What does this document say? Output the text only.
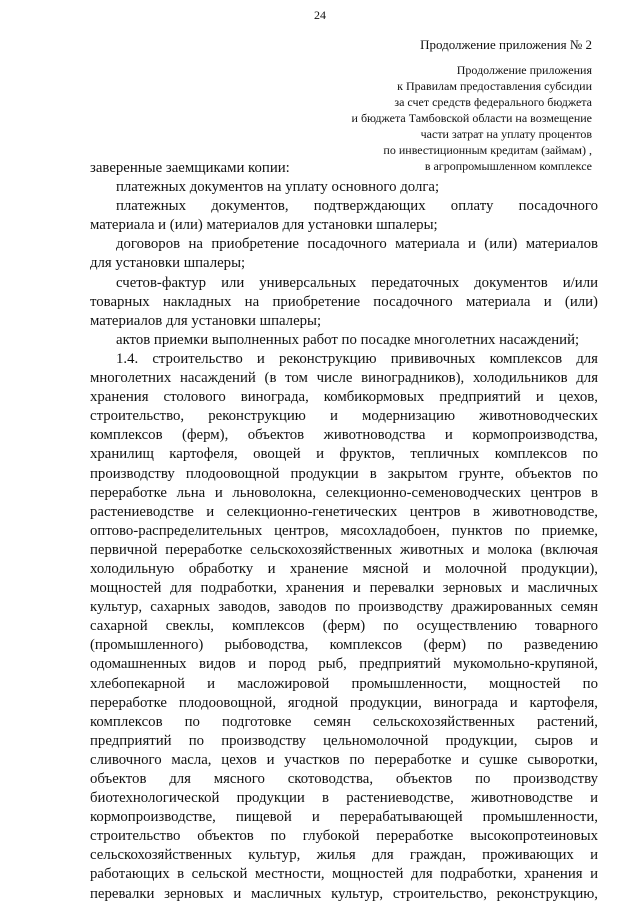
24
Продолжение приложения № 2
Продолжение приложения
к Правилам предоставления субсидии
за счет средств федерального бюджета
и бюджета Тамбовской области на возмещение
части затрат на уплату процентов
по инвестиционным кредитам (займам) ,
в агропромышленном комплексе
заверенные заемщиками копии:
платежных документов на уплату основного долга;
платежных документов, подтверждающих оплату посадочного
материала и (или) материалов для установки шпалеры;
договоров на приобретение посадочного материала и (или) материалов
для установки шпалеры;
счетов-фактур или универсальных передаточных документов и/или
товарных накладных на приобретение посадочного материала и (или)
материалов для установки шпалеры;
актов приемки выполненных работ по посадке многолетних насаждений;
1.4. строительство и реконструкцию прививочных комплексов для
многолетних насаждений (в том числе виноградников), холодильников для
хранения столового винограда, комбикормовых предприятий и цехов,
строительство, реконструкцию и модернизацию животноводческих
комплексов (ферм), объектов животноводства и кормопроизводства,
хранилищ картофеля, овощей и фруктов, тепличных комплексов по
производству плодоовощной продукции в закрытом грунте, объектов по
переработке льна и льноволокна, селекционно-семеноводческих центров в
растениеводстве и селекционно-генетических центров в животноводстве,
оптово-распределительных центров, мясохладобоен, пунктов по приемке,
первичной переработке сельскохозяйственных животных и молока (включая
холодильную обработку и хранение мясной и молочной продукции),
мощностей для подработки, хранения и перевалки зерновых и масличных
культур, сахарных заводов, заводов по производству дражированных семян
сахарной свеклы, комплексов (ферм) по осуществлению товарного
(промышленного) рыбоводства, комплексов (ферм) по разведению
одомашненных видов и пород рыб, предприятий мукомольно-крупяной,
хлебопекарной и масложировой промышленности, мощностей по
переработке плодоовощной, ягодной продукции, винограда и картофеля,
комплексов по подготовке семян сельскохозяйственных растений,
предприятий по производству цельномолочной продукции, сыров и
сливочного масла, цехов и участков по переработке и сушке сыворотки,
объектов для мясного скотоводства, объектов по производству
биотехнологической продукции в растениеводстве, животноводстве и
кормопроизводстве, пищевой и перерабатывающей промышленности,
строительство объектов по глубокой переработке высокопротеиновых
сельскохозяйственных культур, жилья для граждан, проживающих и
работающих в сельской местности, мощностей для подработки, хранения и
перевалки зерновых и масличных культур, строительство, реконструкцию,
